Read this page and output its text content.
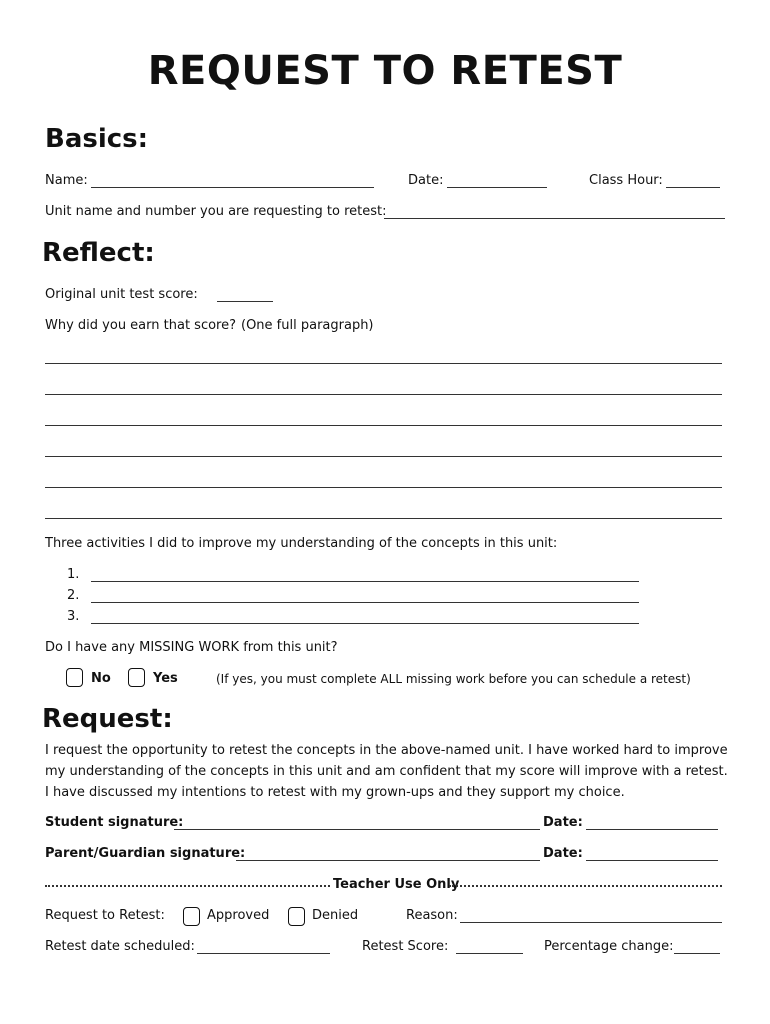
REQUEST TO RETEST
Basics:
Name:	Date:	Class Hour:
Unit name and number you are requesting to retest:
Reflect:
Original unit test score:
Why did you earn that score? (One full paragraph)
Three activities I did to improve my understanding of the concepts in this unit:
1.
2.
3.
Do I have any MISSING WORK from this unit?
No	Yes	(If yes, you must complete ALL missing work before you can schedule a retest)
Request:
I request the opportunity to retest the concepts in the above-named unit. I have worked hard to improve my understanding of the concepts in this unit and am confident that my score will improve with a retest. I have discussed my intentions to retest with my grown-ups and they support my choice.
Student signature:	Date:
Parent/Guardian signature:	Date:
Teacher Use Only
Request to Retest:	Approved	Denied	Reason:
Retest date scheduled:	Retest Score:	Percentage change:
